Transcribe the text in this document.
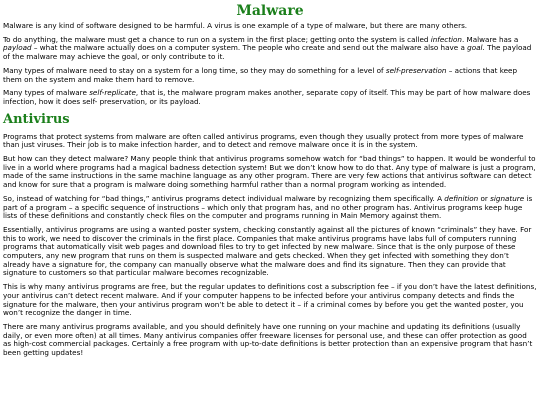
Malware

Malware is any kind of software designed to be harmful. A virus is one example of a type of malware, but there are many others.

To do anything, the malware must get a chance to run on a system in the first place; getting onto the system is called infection. Malware has a payload – what the malware actually does on a computer system. The people who create and send out the malware also have a goal. The payload of the malware may achieve the goal, or only contribute to it.

Many types of malware need to stay on a system for a long time, so they may do something for a level of self-preservation – actions that keep them on the system and make them hard to remove.

Many types of malware self-replicate, that is, the malware program makes another, separate copy of itself. This may be part of how malware does infection, how it does self- preservation, or its payload.

Antivirus

Programs that protect systems from malware are often called antivirus programs, even though they usually protect from more types of malware than just viruses. Their job is to make infection harder, and to detect and remove malware once it is in the system.

But how can they detect malware? Many people think that antivirus programs somehow watch for “bad things” to happen. It would be wonderful to live in a world where programs had a magical badness detection system! But we don’t know how to do that. Any type of malware is just a program, made of the same instructions in the same machine language as any other program. There are very few actions that antivirus software can detect and know for sure that a program is malware doing something harmful rather than a normal program working as intended.

So, instead of watching for “bad things,” antivirus programs detect individual malware by recognizing them specifically. A definition or signature is part of a program – a specific sequence of instructions – which only that program has, and no other program has. Antivirus programs keep huge lists of these definitions and constantly check files on the computer and programs running in Main Memory against them.

Essentially, antivirus programs are using a wanted poster system, checking constantly against all the pictures of known “criminals” they have. For this to work, we need to discover the criminals in the first place. Companies that make antivirus programs have labs full of computers running programs that automatically visit web pages and download files to try to get infected by new malware. Since that is the only purpose of these computers, any new program that runs on them is suspected malware and gets checked. When they get infected with something they don’t already have a signature for, the company can manually observe what the malware does and find its signature. Then they can provide that signature to customers so that particular malware becomes recognizable.

This is why many antivirus programs are free, but the regular updates to definitions cost a subscription fee – if you don’t have the latest definitions, your antivirus can’t detect recent malware. And if your computer happens to be infected before your antivirus company detects and finds the signature for the malware, then your antivirus program won’t be able to detect it – if a criminal comes by before you get the wanted poster, you won’t recognize the danger in time.

There are many antivirus programs available, and you should definitely have one running on your machine and updating its definitions (usually daily, or even more often) at all times. Many antivirus companies offer freeware licenses for personal use, and these can offer protection as good as high-cost commercial packages. Certainly a free program with up-to-date definitions is better protection than an expensive program that hasn’t been getting updates!
